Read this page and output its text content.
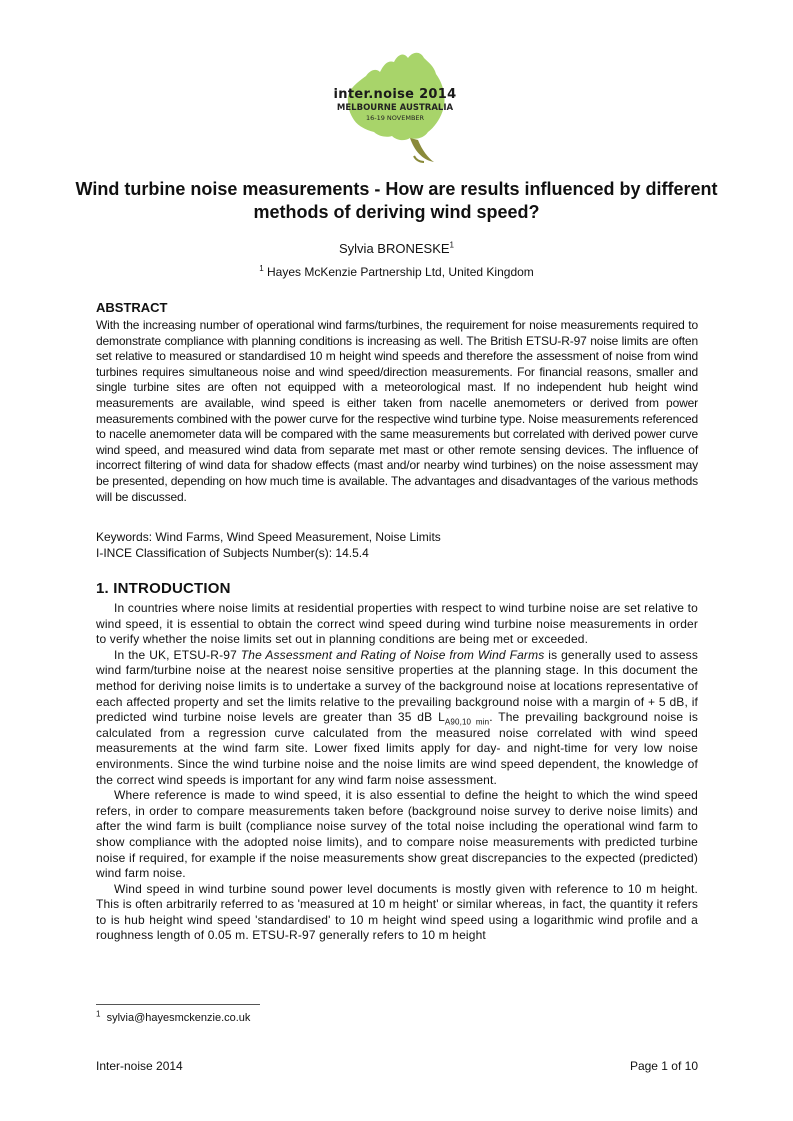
inter.noise 2014
MELBOURNE AUSTRALIA
16-19 NOVEMBER
Wind turbine noise measurements - How are results influenced by different methods of deriving wind speed?
Sylvia BRONESKE$^1$
$^1$ Hayes McKenzie Partnership Ltd, United Kingdom
ABSTRACT

With the increasing number of operational wind farms/turbines, the requirement for noise measurements required to demonstrate compliance with planning conditions is increasing as well. The British ETSU-R-97 noise limits are often set relative to measured or standardised 10 m height wind speeds and therefore the assessment of noise from wind turbines requires simultaneous noise and wind speed/direction measurements. For financial reasons, smaller and single turbine sites are often not equipped with a meteorological mast. If no independent hub height wind measurements are available, wind speed is either taken from nacelle anemometers or derived from power measurements combined with the power curve for the respective wind turbine type. Noise measurements referenced to nacelle anemometer data will be compared with the same measurements but correlated with derived power curve wind speed, and measured wind data from separate met mast or other remote sensing devices. The influence of incorrect filtering of wind data for shadow effects (mast and/or nearby wind turbines) on the noise assessment may be presented, depending on how much time is available. The advantages and disadvantages of the various methods will be discussed.

Keywords: Wind Farms, Wind Speed Measurement, Noise Limits
I-INCE Classification of Subjects Number(s): 14.5.4
1. INTRODUCTION

In countries where noise limits at residential properties with respect to wind turbine noise are set relative to wind speed, it is essential to obtain the correct wind speed during wind turbine noise measurements in order to verify whether the noise limits set out in planning conditions are being met or exceeded.

In the UK, ETSU-R-97 The Assessment and Rating of Noise from Wind Farms is generally used to assess wind farm/turbine noise at the nearest noise sensitive properties at the planning stage. In this document the method for deriving noise limits is to undertake a survey of the background noise at locations representative of each affected property and set the limits relative to the prevailing background noise with a margin of + 5 dB, if predicted wind turbine noise levels are greater than 35 dB $L_{A90,10 min}$. The prevailing background noise is calculated from a regression curve calculated from the measured noise correlated with wind speed measurements at the wind farm site. Lower fixed limits apply for day- and night-time for very low noise environments. Since the wind turbine noise and the noise limits are wind speed dependent, the knowledge of the correct wind speeds is important for any wind farm noise assessment.

Where reference is made to wind speed, it is also essential to define the height to which the wind speed refers, in order to compare measurements taken before (background noise survey to derive noise limits) and after the wind farm is built (compliance noise survey of the total noise including the operational wind farm to show compliance with the adopted noise limits), and to compare noise measurements with predicted turbine noise if required, for example if the noise measurements show great discrepancies to the expected (predicted) wind farm noise.

Wind speed in wind turbine sound power level documents is mostly given with reference to 10 m height. This is often arbitrarily referred to as 'measured at 10 m height' or similar whereas, in fact, the quantity it refers to is hub height wind speed 'standardised' to 10 m height wind speed using a logarithmic wind profile and a roughness length of 0.05 m. ETSU-R-97 generally refers to 10 m height

$^1$ sylvia@hayesmckenzie.co.uk
Inter-noise 2014	Page 1 of 10
